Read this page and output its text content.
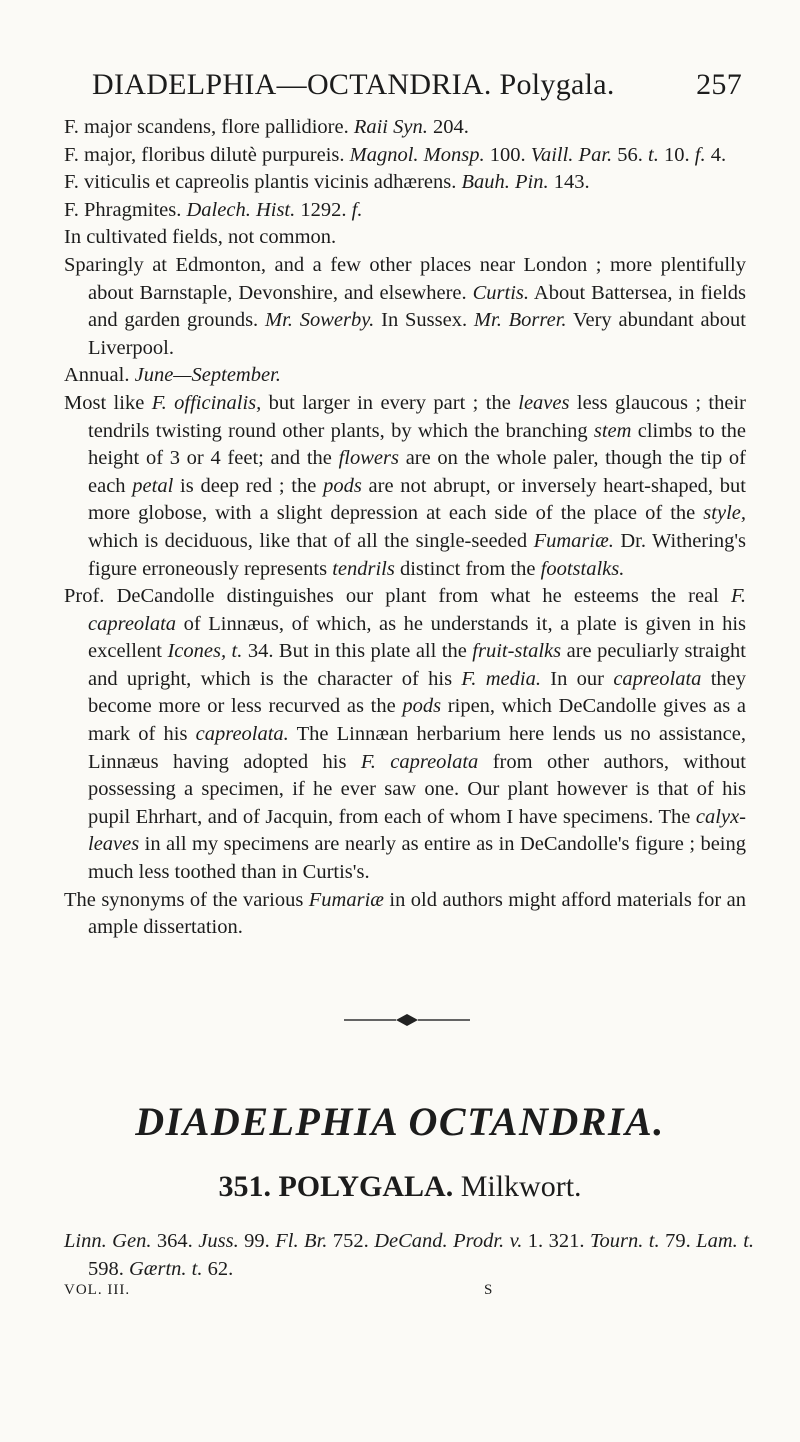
DIADELPHIA—OCTANDRIA. Polygala.	257

F. major scandens, flore pallidiore. Raii Syn. 204.

F. major, floribus dilutè purpureis. Magnol. Monsp. 100. Vaill. Par. 56. t. 10. f. 4.

F. viticulis et capreolis plantis vicinis adhærens. Bauh. Pin. 143.

F. Phragmites. Dalech. Hist. 1292. f.

In cultivated fields, not common.

Sparingly at Edmonton, and a few other places near London ; more plentifully about Barnstaple, Devonshire, and elsewhere. Curtis. About Battersea, in fields and garden grounds. Mr. Sowerby. In Sussex. Mr. Borrer. Very abundant about Liverpool.

Annual. June—September.

Most like F. officinalis, but larger in every part ; the leaves less glaucous ; their tendrils twisting round other plants, by which the branching stem climbs to the height of 3 or 4 feet; and the flowers are on the whole paler, though the tip of each petal is deep red ; the pods are not abrupt, or inversely heart-shaped, but more globose, with a slight depression at each side of the place of the style, which is deciduous, like that of all the single-seeded Fumariæ. Dr. Withering's figure erroneously represents tendrils distinct from the footstalks.

Prof. DeCandolle distinguishes our plant from what he esteems the real F. capreolata of Linnæus, of which, as he understands it, a plate is given in his excellent Icones, t. 34. But in this plate all the fruit-stalks are peculiarly straight and upright, which is the character of his F. media. In our capreolata they become more or less recurved as the pods ripen, which DeCandolle gives as a mark of his capreolata. The Linnæan herbarium here lends us no assistance, Linnæus having adopted his F. capreolata from other authors, without possessing a specimen, if he ever saw one. Our plant however is that of his pupil Ehrhart, and of Jacquin, from each of whom I have specimens. The calyx-leaves in all my specimens are nearly as entire as in DeCandolle's figure ; being much less toothed than in Curtis's.

The synonyms of the various Fumariæ in old authors might afford materials for an ample dissertation.

DIADELPHIA OCTANDRIA.
351. POLYGALA. Milkwort.

Linn. Gen. 364. Juss. 99. Fl. Br. 752. DeCand. Prodr. v. 1. 321. Tourn. t. 79. Lam. t. 598. Gærtn. t. 62.

VOL. III.	S
